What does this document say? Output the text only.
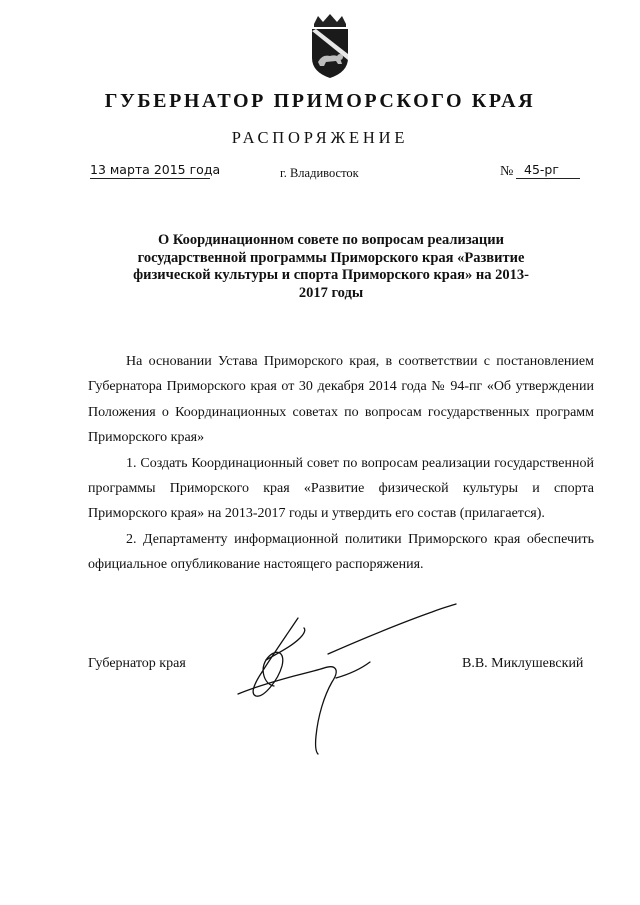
ГУБЕРНАТОР ПРИМОРСКОГО КРАЯ
РАСПОРЯЖЕНИЕ
13 марта 2015 года	г. Владивосток	№ 45-рг
О Координационном совете по вопросам реализации государственной программы Приморского края «Развитие физической культуры и спорта Приморского края» на 2013-2017 годы

На основании Устава Приморского края, в соответствии с постановлением Губернатора Приморского края от 30 декабря 2014 года № 94-пг «Об утверждении Положения о Координационных советах по вопросам государственных программ Приморского края»

1. Создать Координационный совет по вопросам реализации государственной программы Приморского края «Развитие физической культуры и спорта Приморского края» на 2013-2017 годы и утвердить его состав (прилагается).

2. Департаменту информационной политики Приморского края обеспечить официальное опубликование настоящего распоряжения.

Губернатор края	В.В. Миклушевский
